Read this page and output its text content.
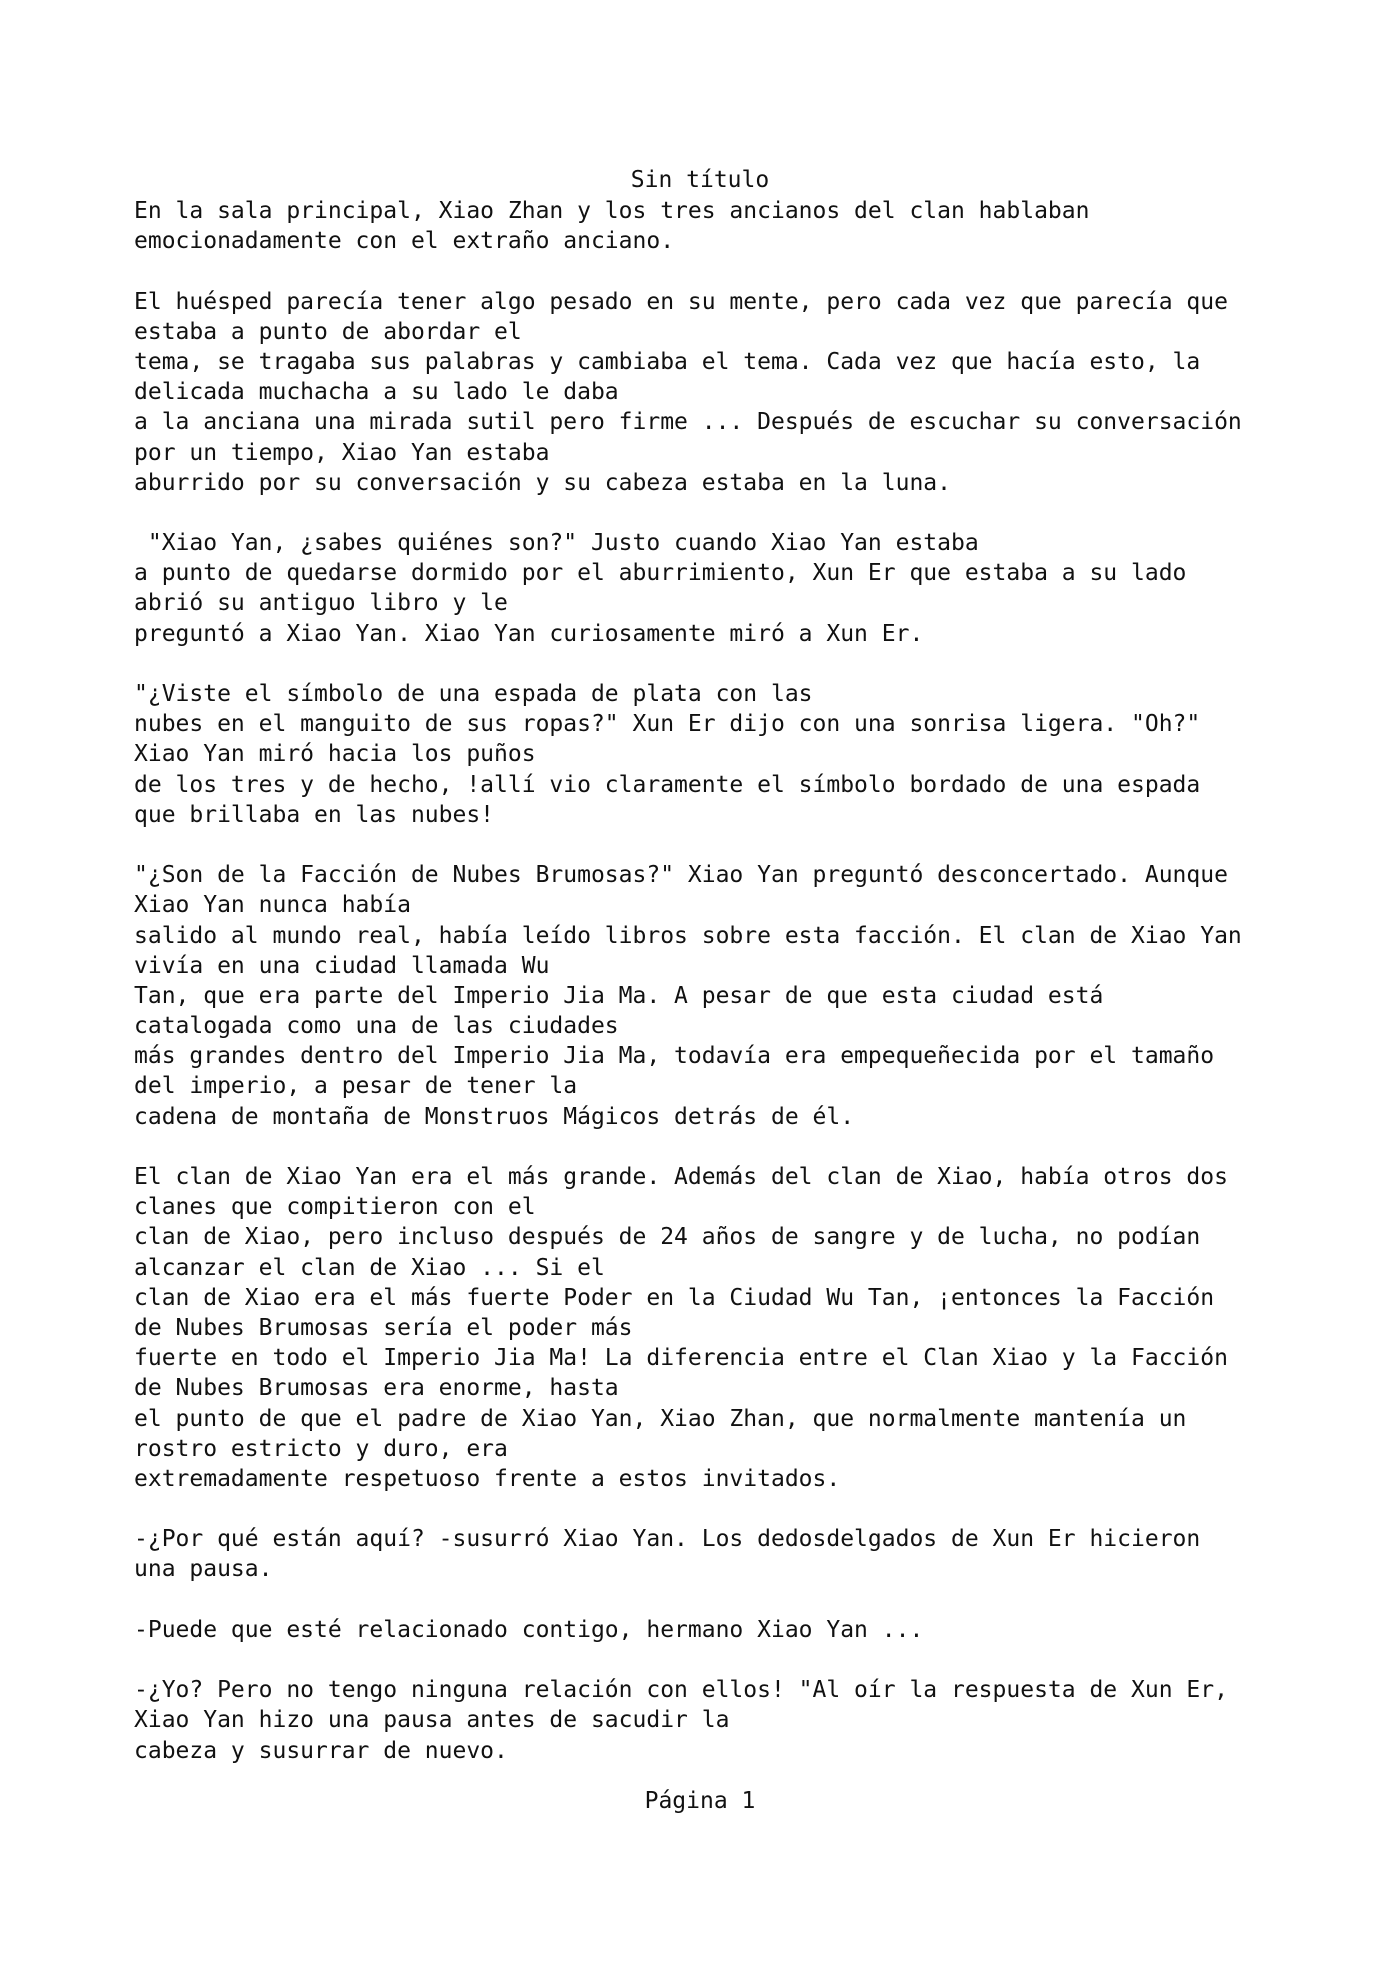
Sin título
En la sala principal, Xiao Zhan y los tres ancianos del clan hablaban
emocionadamente con el extraño anciano.
El huésped parecía tener algo pesado en su mente, pero cada vez que parecía que
estaba a punto de abordar el
tema, se tragaba sus palabras y cambiaba el tema. Cada vez que hacía esto, la
delicada muchacha a su lado le daba
a la anciana una mirada sutil pero firme ... Después de escuchar su conversación
por un tiempo, Xiao Yan estaba
aburrido por su conversación y su cabeza estaba en la luna.
"Xiao Yan, ¿sabes quiénes son?" Justo cuando Xiao Yan estaba
a punto de quedarse dormido por el aburrimiento, Xun Er que estaba a su lado
abrió su antiguo libro y le
preguntó a Xiao Yan. Xiao Yan curiosamente miró a Xun Er.
"¿Viste el símbolo de una espada de plata con las
nubes en el manguito de sus ropas?" Xun Er dijo con una sonrisa ligera. "Oh?"
Xiao Yan miró hacia los puños
de los tres y de hecho, !allí vio claramente el símbolo bordado de una espada
que brillaba en las nubes!
"¿Son de la Facción de Nubes Brumosas?" Xiao Yan preguntó desconcertado. Aunque
Xiao Yan nunca había
salido al mundo real, había leído libros sobre esta facción. El clan de Xiao Yan
vivía en una ciudad llamada Wu
Tan, que era parte del Imperio Jia Ma. A pesar de que esta ciudad está
catalogada como una de las ciudades
más grandes dentro del Imperio Jia Ma, todavía era empequeñecida por el tamaño
del imperio, a pesar de tener la
cadena de montaña de Monstruos Mágicos detrás de él.
El clan de Xiao Yan era el más grande. Además del clan de Xiao, había otros dos
clanes que compitieron con el
clan de Xiao, pero incluso después de 24 años de sangre y de lucha, no podían
alcanzar el clan de Xiao ... Si el
clan de Xiao era el más fuerte Poder en la Ciudad Wu Tan, ¡entonces la Facción
de Nubes Brumosas sería el poder más
fuerte en todo el Imperio Jia Ma! La diferencia entre el Clan Xiao y la Facción
de Nubes Brumosas era enorme, hasta
el punto de que el padre de Xiao Yan, Xiao Zhan, que normalmente mantenía un
rostro estricto y duro, era
extremadamente respetuoso frente a estos invitados.
-¿Por qué están aquí? -susurró Xiao Yan. Los dedosdelgados de Xun Er hicieron
una pausa.
-Puede que esté relacionado contigo, hermano Xiao Yan ...
-¿Yo? Pero no tengo ninguna relación con ellos! "Al oír la respuesta de Xun Er,
Xiao Yan hizo una pausa antes de sacudir la
cabeza y susurrar de nuevo.
Página 1
